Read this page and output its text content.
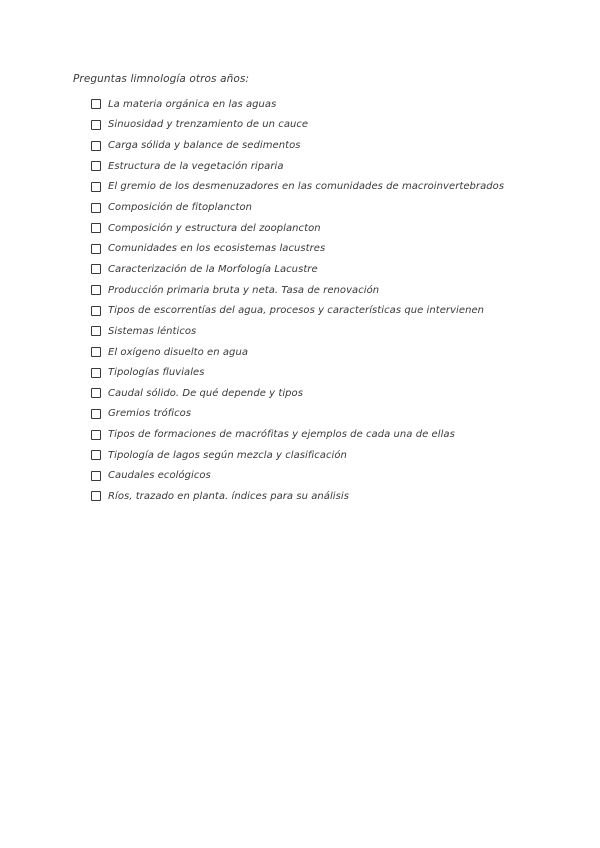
Preguntas limnología otros años:
La materia orgánica en las aguas
Sinuosidad y trenzamiento de un cauce
Carga sólida y balance de sedimentos
Estructura de la vegetación riparia
El gremio de los desmenuzadores en las comunidades de macroinvertebrados
Composición de fitoplancton
Composición y estructura del zooplancton
Comunidades en los ecosistemas lacustres
Caracterización de la Morfología Lacustre
Producción primaria bruta y neta. Tasa de renovación
Tipos de escorrentías del agua, procesos y características que intervienen
Sistemas lénticos
El oxígeno disuelto en agua
Tipologías fluviales
Caudal sólido. De qué depende y tipos
Gremios tróficos
Tipos de formaciones de macrófitas y ejemplos de cada una de ellas
Tipología de lagos según mezcla y clasificación
Caudales ecológicos
Ríos, trazado en planta. índices para su análisis
